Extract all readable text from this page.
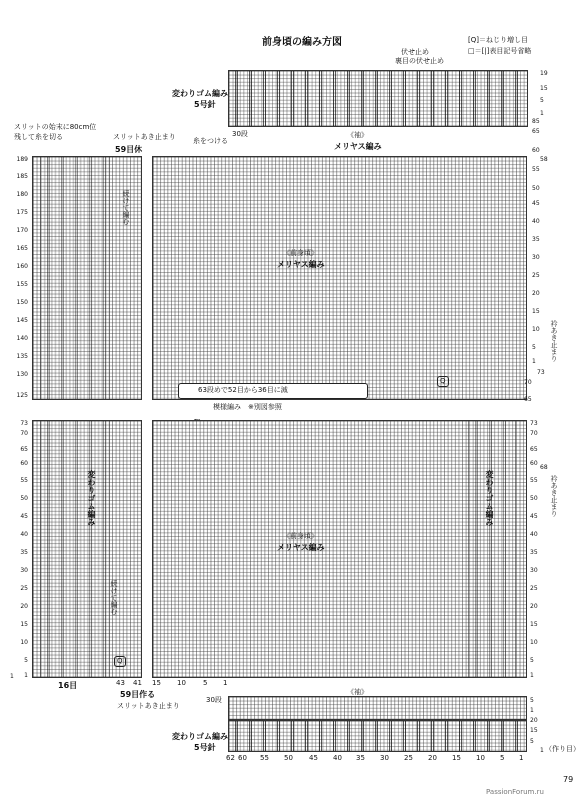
前身頃の編み方図	[Q]＝ねじり増し目
□＝[|]表目記号省略
伏せ止め
裏目の伏せ止め
変わりゴム編み
5号針
19
15
5
1
85
65
30段	《袖》
メリヤス編み	60
58
55
50
スリットの始末に80cm位
残して糸を切る	スリットあき止まり
59目休
糸をつける
続けて編む
《前身頃》
メリヤス編み
189
185
180
175
170
165
160
155
150
145
140
135
130
125
45
40
35
30
25
20
15
10
5
1
70
65
73
衿あき止まり
Q
63段めで52目から36目に減
模様編み　※別図参照
変わりゴム編み	変わりゴム編み
《前身頃》
メリヤス編み
続けて編む
Q
73
70
65
60
55
50
45
40
35
30
25
20
15
10
5
1
73
70
65
60
55
50
45
40
35
30
25
20
15
10
5
1
68
衿あき止まり
1
43 41 15 10 5 1
16目
59目作る
スリットあき止まり
30段
《袖》
変わりゴム編み
5号針
5
1
20
15
5
1 （作り目）
62 60 55 50 45 40 35 30 25 20 15 10 5 1
79
PassionForum.ru
